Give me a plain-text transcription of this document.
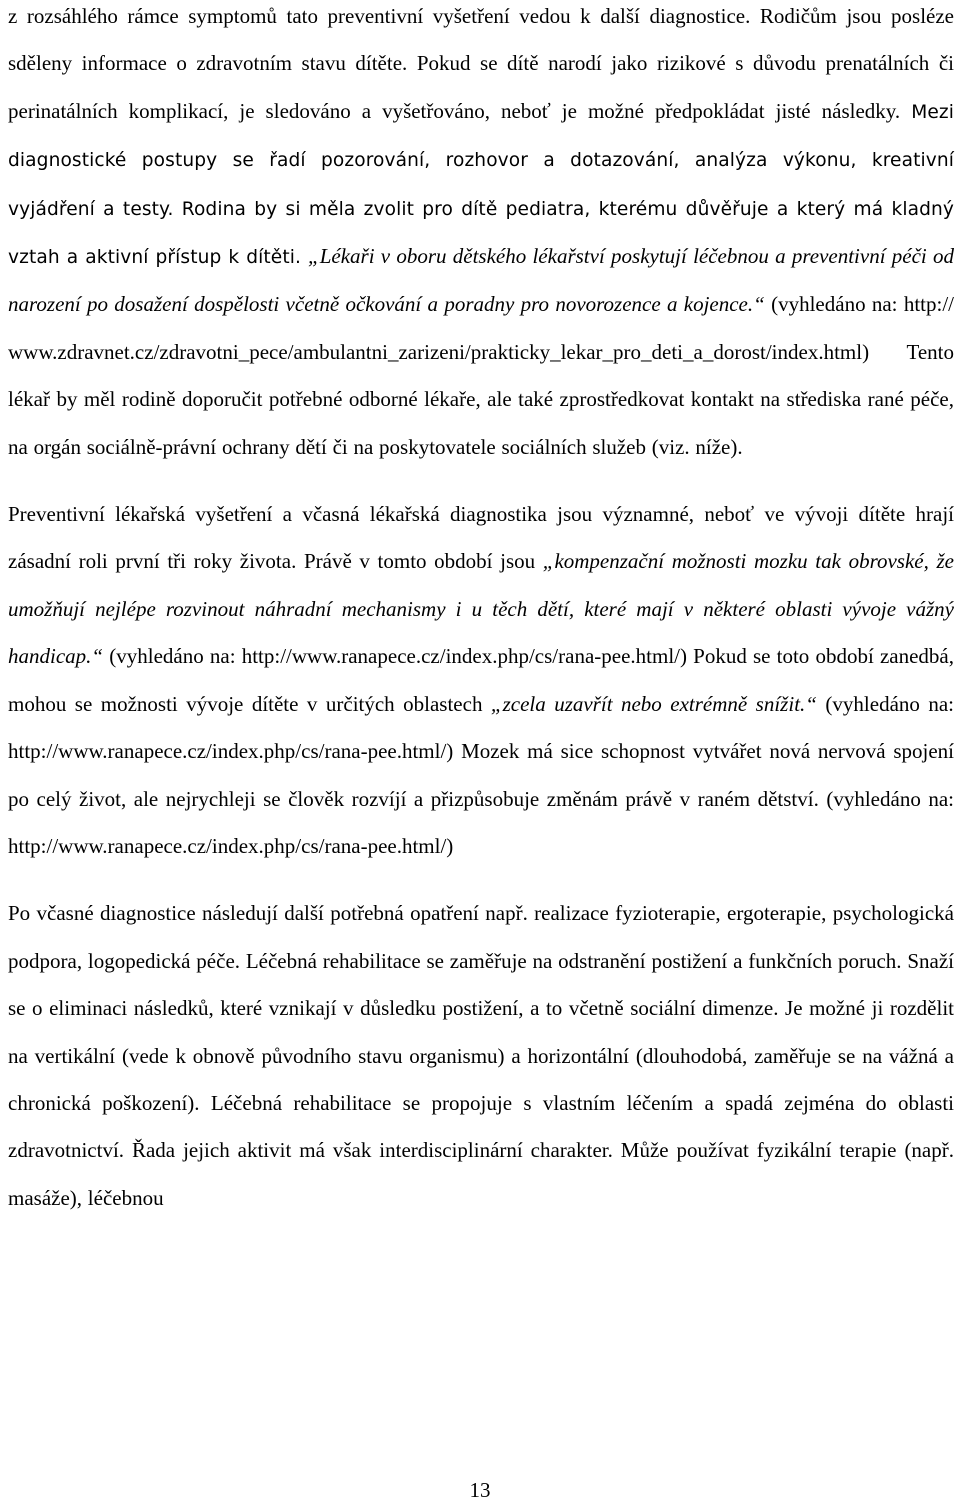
z rozsáhlého rámce symptomů tato preventivní vyšetření vedou k další diagnostice. Rodičům jsou posléze sděleny informace o zdravotním stavu dítěte. Pokud se dítě narodí jako rizikové s důvodu prenatálních či perinatálních komplikací, je sledováno a vyšetřováno, neboť je možné předpokládat jisté následky. Mezi diagnostické postupy se řadí pozorování, rozhovor a dotazování, analýza výkonu, kreativní vyjádření a testy. Rodina by si měla zvolit pro dítě pediatra, kterému důvěřuje a který má kladný vztah a aktivní přístup k dítěti. „Lékaři v oboru dětského lékařství poskytují léčebnou a preventivní péči od narození po dosažení dospělosti včetně očkování a poradny pro novorozence a kojence.“ (vyhledáno na: http://www.zdravnet.cz/zdravotni_pece/ambulantni_zarizeni/prakticky_lekar_pro_deti_a_dorost/index.html) Tento lékař by měl rodině doporučit potřebné odborné lékaře, ale také zprostředkovat kontakt na střediska rané péče, na orgán sociálně-právní ochrany dětí či na poskytovatele sociálních služeb (viz. níže).

Preventivní lékařská vyšetření a včasná lékařská diagnostika jsou významné, neboť ve vývoji dítěte hrají zásadní roli první tři roky života. Právě v tomto období jsou „kompenzační možnosti mozku tak obrovské, že umožňují nejlépe rozvinout náhradní mechanismy i u těch dětí, které mají v některé oblasti vývoje vážný handicap.“ (vyhledáno na: http://www.ranapece.cz/index.php/cs/rana-pee.html/) Pokud se toto období zanedbá, mohou se možnosti vývoje dítěte v určitých oblastech „zcela uzavřít nebo extrémně snížit.“ (vyhledáno na: http://www.ranapece.cz/index.php/cs/rana-pee.html/) Mozek má sice schopnost vytvářet nová nervová spojení po celý život, ale nejrychleji se člověk rozvíjí a přizpůsobuje změnám právě v raném dětství. (vyhledáno na: http://www.ranapece.cz/index.php/cs/rana-pee.html/)

Po včasné diagnostice následují další potřebná opatření např. realizace fyzioterapie, ergoterapie, psychologická podpora, logopedická péče. Léčebná rehabilitace se zaměřuje na odstranění postižení a funkčních poruch. Snaží se o eliminaci následků, které vznikají v důsledku postižení, a to včetně sociální dimenze. Je možné ji rozdělit na vertikální (vede k obnově původního stavu organismu) a horizontální (dlouhodobá, zaměřuje se na vážná a chronická poškození). Léčebná rehabilitace se propojuje s vlastním léčením a spadá zejména do oblasti zdravotnictví. Řada jejich aktivit má však interdisciplinární charakter. Může používat fyzikální terapie (např. masáže), léčebnou

13
